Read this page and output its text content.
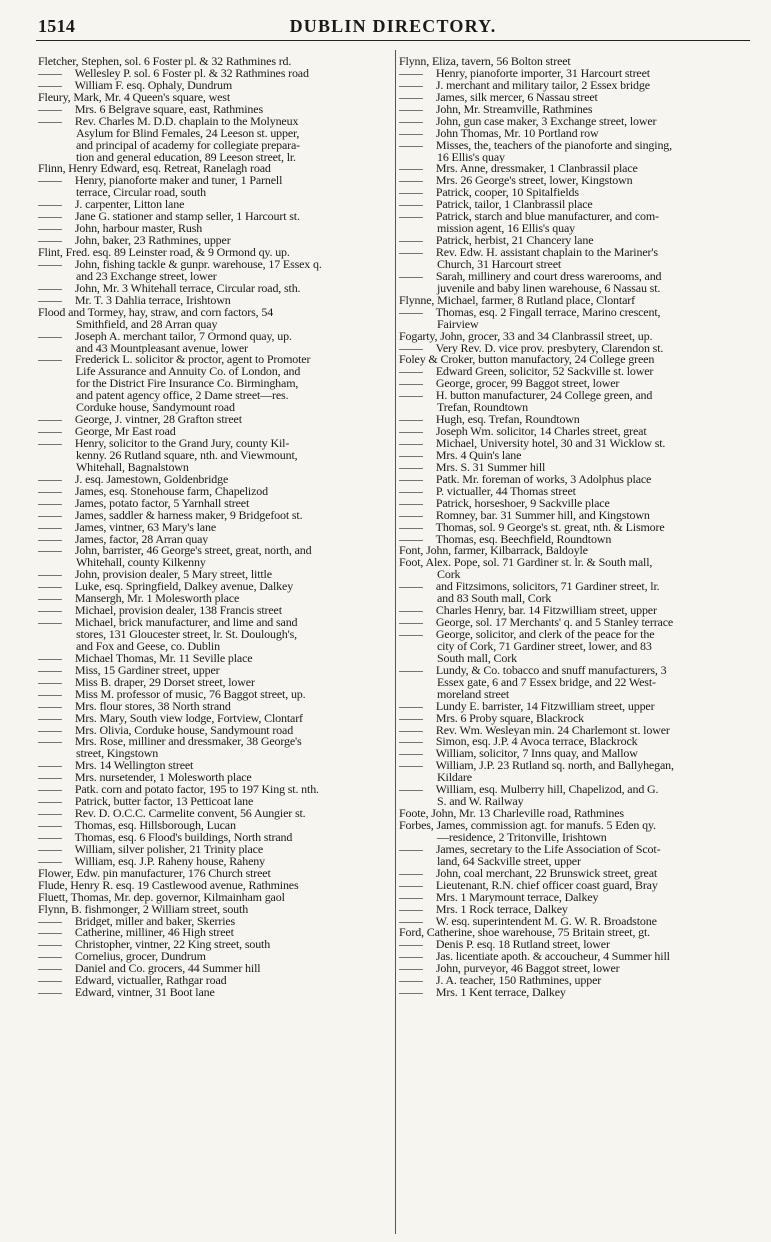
1514	DUBLIN DIRECTORY.
Fletcher, Stephen, sol. 6 Foster pl. & 32 Rathmines rd.
—— Wellesley P. sol. 6 Foster pl. & 32 Rathmines road
—— William F. esq. Ophaly, Dundrum
Fleury, Mark, Mr. 4 Queen's square, west
—— Mrs. 6 Belgrave square, east, Rathmines
—— Rev. Charles M. D.D. chaplain to the Molyneux
Asylum for Blind Females, 24 Leeson st. upper,
and principal of academy for collegiate prepara-
tion and general education, 89 Leeson street, lr.
Flinn, Henry Edward, esq. Retreat, Ranelagh road
—— Henry, pianoforte maker and tuner, 1 Parnell
terrace, Circular road, south
—— J. carpenter, Litton lane
—— Jane G. stationer and stamp seller, 1 Harcourt st.
—— John, harbour master, Rush
—— John, baker, 23 Rathmines, upper
Flint, Fred. esq. 89 Leinster road, & 9 Ormond qy. up.
—— John, fishing tackle & gunpr. warehouse, 17 Essex q.
and 23 Exchange street, lower
—— John, Mr. 3 Whitehall terrace, Circular road, sth.
—— Mr. T. 3 Dahlia terrace, Irishtown
Flood and Tormey, hay, straw, and corn factors, 54
Smithfield, and 28 Arran quay
—— Joseph A. merchant tailor, 7 Ormond quay, up.
and 43 Mountpleasant avenue, lower
—— Frederick L. solicitor & proctor, agent to Promoter
Life Assurance and Annuity Co. of London, and
for the District Fire Insurance Co. Birmingham,
and patent agency office, 2 Dame street—res.
Corduke house, Sandymount road
—— George, J. vintner, 28 Grafton street
—— George, Mr East road
—— Henry, solicitor to the Grand Jury, county Kil-
kenny. 26 Rutland square, nth. and Viewmount,
Whitehall, Bagnalstown
—— J. esq. Jamestown, Goldenbridge
—— James, esq. Stonehouse farm, Chapelizod
—— James, potato factor, 5 Yarnhall street
—— James, saddler & harness maker, 9 Bridgefoot st.
—— James, vintner, 63 Mary's lane
—— James, factor, 28 Arran quay
—— John, barrister, 46 George's street, great, north, and
Whitehall, county Kilkenny
—— John, provision dealer, 5 Mary street, little
—— Luke, esq. Springfield, Dalkey avenue, Dalkey
—— Mansergh, Mr. 1 Molesworth place
—— Michael, provision dealer, 138 Francis street
—— Michael, brick manufacturer, and lime and sand
stores, 131 Gloucester street, lr. St. Doulough's,
and Fox and Geese, co. Dublin
—— Michael Thomas, Mr. 11 Seville place
—— Miss, 15 Gardiner street, upper
—— Miss B. draper, 29 Dorset street, lower
—— Miss M. professor of music, 76 Baggot street, up.
—— Mrs. flour stores, 38 North strand
—— Mrs. Mary, South view lodge, Fortview, Clontarf
—— Mrs. Olivia, Corduke house, Sandymount road
—— Mrs. Rose, milliner and dressmaker, 38 George's
street, Kingstown
—— Mrs. 14 Wellington street
—— Mrs. nursetender, 1 Molesworth place
—— Patk. corn and potato factor, 195 to 197 King st. nth.
—— Patrick, butter factor, 13 Petticoat lane
—— Rev. D. O.C.C. Carmelite convent, 56 Aungier st.
—— Thomas, esq. Hillsborough, Lucan
—— Thomas, esq. 6 Flood's buildings, North strand
—— William, silver polisher, 21 Trinity place
—— William, esq. J.P. Raheny house, Raheny
Flower, Edw. pin manufacturer, 176 Church street
Flude, Henry R. esq. 19 Castlewood avenue, Rathmines
Fluett, Thomas, Mr. dep. governor, Kilmainham gaol
Flynn, B. fishmonger, 2 William street, south
—— Bridget, miller and baker, Skerries
—— Catherine, milliner, 46 High street
—— Christopher, vintner, 22 King street, south
—— Cornelius, grocer, Dundrum
—— Daniel and Co. grocers, 44 Summer hill
—— Edward, victualler, Rathgar road
—— Edward, vintner, 31 Boot lane
Flynn, Eliza, tavern, 56 Bolton street
—— Henry, pianoforte importer, 31 Harcourt street
—— J. merchant and military tailor, 2 Essex bridge
—— James, silk mercer, 6 Nassau street
—— John, Mr. Streamville, Rathmines
—— John, gun case maker, 3 Exchange street, lower
—— John Thomas, Mr. 10 Portland row
—— Misses, the, teachers of the pianoforte and singing,
16 Ellis's quay
—— Mrs. Anne, dressmaker, 1 Clanbrassil place
—— Mrs. 26 George's street, lower, Kingstown
—— Patrick, cooper, 10 Spitalfields
—— Patrick, tailor, 1 Clanbrassil place
—— Patrick, starch and blue manufacturer, and com-
mission agent, 16 Ellis's quay
—— Patrick, herbist, 21 Chancery lane
—— Rev. Edw. H. assistant chaplain to the Mariner's
Church, 31 Harcourt street
—— Sarah, millinery and court dress warerooms, and
juvenile and baby linen warehouse, 6 Nassau st.
Flynne, Michael, farmer, 8 Rutland place, Clontarf
—— Thomas, esq. 2 Fingall terrace, Marino crescent,
Fairview
Fogarty, John, grocer, 33 and 34 Clanbrassil street, up.
—— Very Rev. D. vice prov. presbytery, Clarendon st.
Foley & Croker, button manufactory, 24 College green
—— Edward Green, solicitor, 52 Sackville st. lower
—— George, grocer, 99 Baggot street, lower
—— H. button manufacturer, 24 College green, and
Trefan, Roundtown
—— Hugh, esq. Trefan, Roundtown
—— Joseph Wm. solicitor, 14 Charles street, great
—— Michael, University hotel, 30 and 31 Wicklow st.
—— Mrs. 4 Quin's lane
—— Mrs. S. 31 Summer hill
—— Patk. Mr. foreman of works, 3 Adolphus place
—— P. victualler, 44 Thomas street
—— Patrick, horseshoer, 9 Sackville place
—— Romney, bar. 31 Summer hill, and Kingstown
—— Thomas, sol. 9 George's st. great, nth. & Lismore
—— Thomas, esq. Beechfield, Roundtown
Font, John, farmer, Kilbarrack, Baldoyle
Foot, Alex. Pope, sol. 71 Gardiner st. lr. & South mall,
Cork
—— and Fitzsimons, solicitors, 71 Gardiner street, lr.
and 83 South mall, Cork
—— Charles Henry, bar. 14 Fitzwilliam street, upper
—— George, sol. 17 Merchants' q. and 5 Stanley terrace
—— George, solicitor, and clerk of the peace for the
city of Cork, 71 Gardiner street, lower, and 83
South mall, Cork
—— Lundy, & Co. tobacco and snuff manufacturers, 3
Essex gate, 6 and 7 Essex bridge, and 22 West-
moreland street
—— Lundy E. barrister, 14 Fitzwilliam street, upper
—— Mrs. 6 Proby square, Blackrock
—— Rev. Wm. Wesleyan min. 24 Charlemont st. lower
—— Simon, esq. J.P. 4 Avoca terrace, Blackrock
—— William, solicitor, 7 Inns quay, and Mallow
—— William, J.P. 23 Rutland sq. north, and Ballyhegan,
Kildare
—— William, esq. Mulberry hill, Chapelizod, and G.
S. and W. Railway
Foote, John, Mr. 13 Charleville road, Rathmines
Forbes, James, commission agt. for manufs. 5 Eden qy.
—residence, 2 Tritonville, Irishtown
—— James, secretary to the Life Association of Scot-
land, 64 Sackville street, upper
—— John, coal merchant, 22 Brunswick street, great
—— Lieutenant, R.N. chief officer coast guard, Bray
—— Mrs. 1 Marymount terrace, Dalkey
—— Mrs. 1 Rock terrace, Dalkey
—— W. esq. superintendent M. G. W. R. Broadstone
Ford, Catherine, shoe warehouse, 75 Britain street, gt.
—— Denis P. esq. 18 Rutland street, lower
—— Jas. licentiate apoth. & accoucheur, 4 Summer hill
—— John, purveyor, 46 Baggot street, lower
—— J. A. teacher, 150 Rathmines, upper
—— Mrs. 1 Kent terrace, Dalkey
